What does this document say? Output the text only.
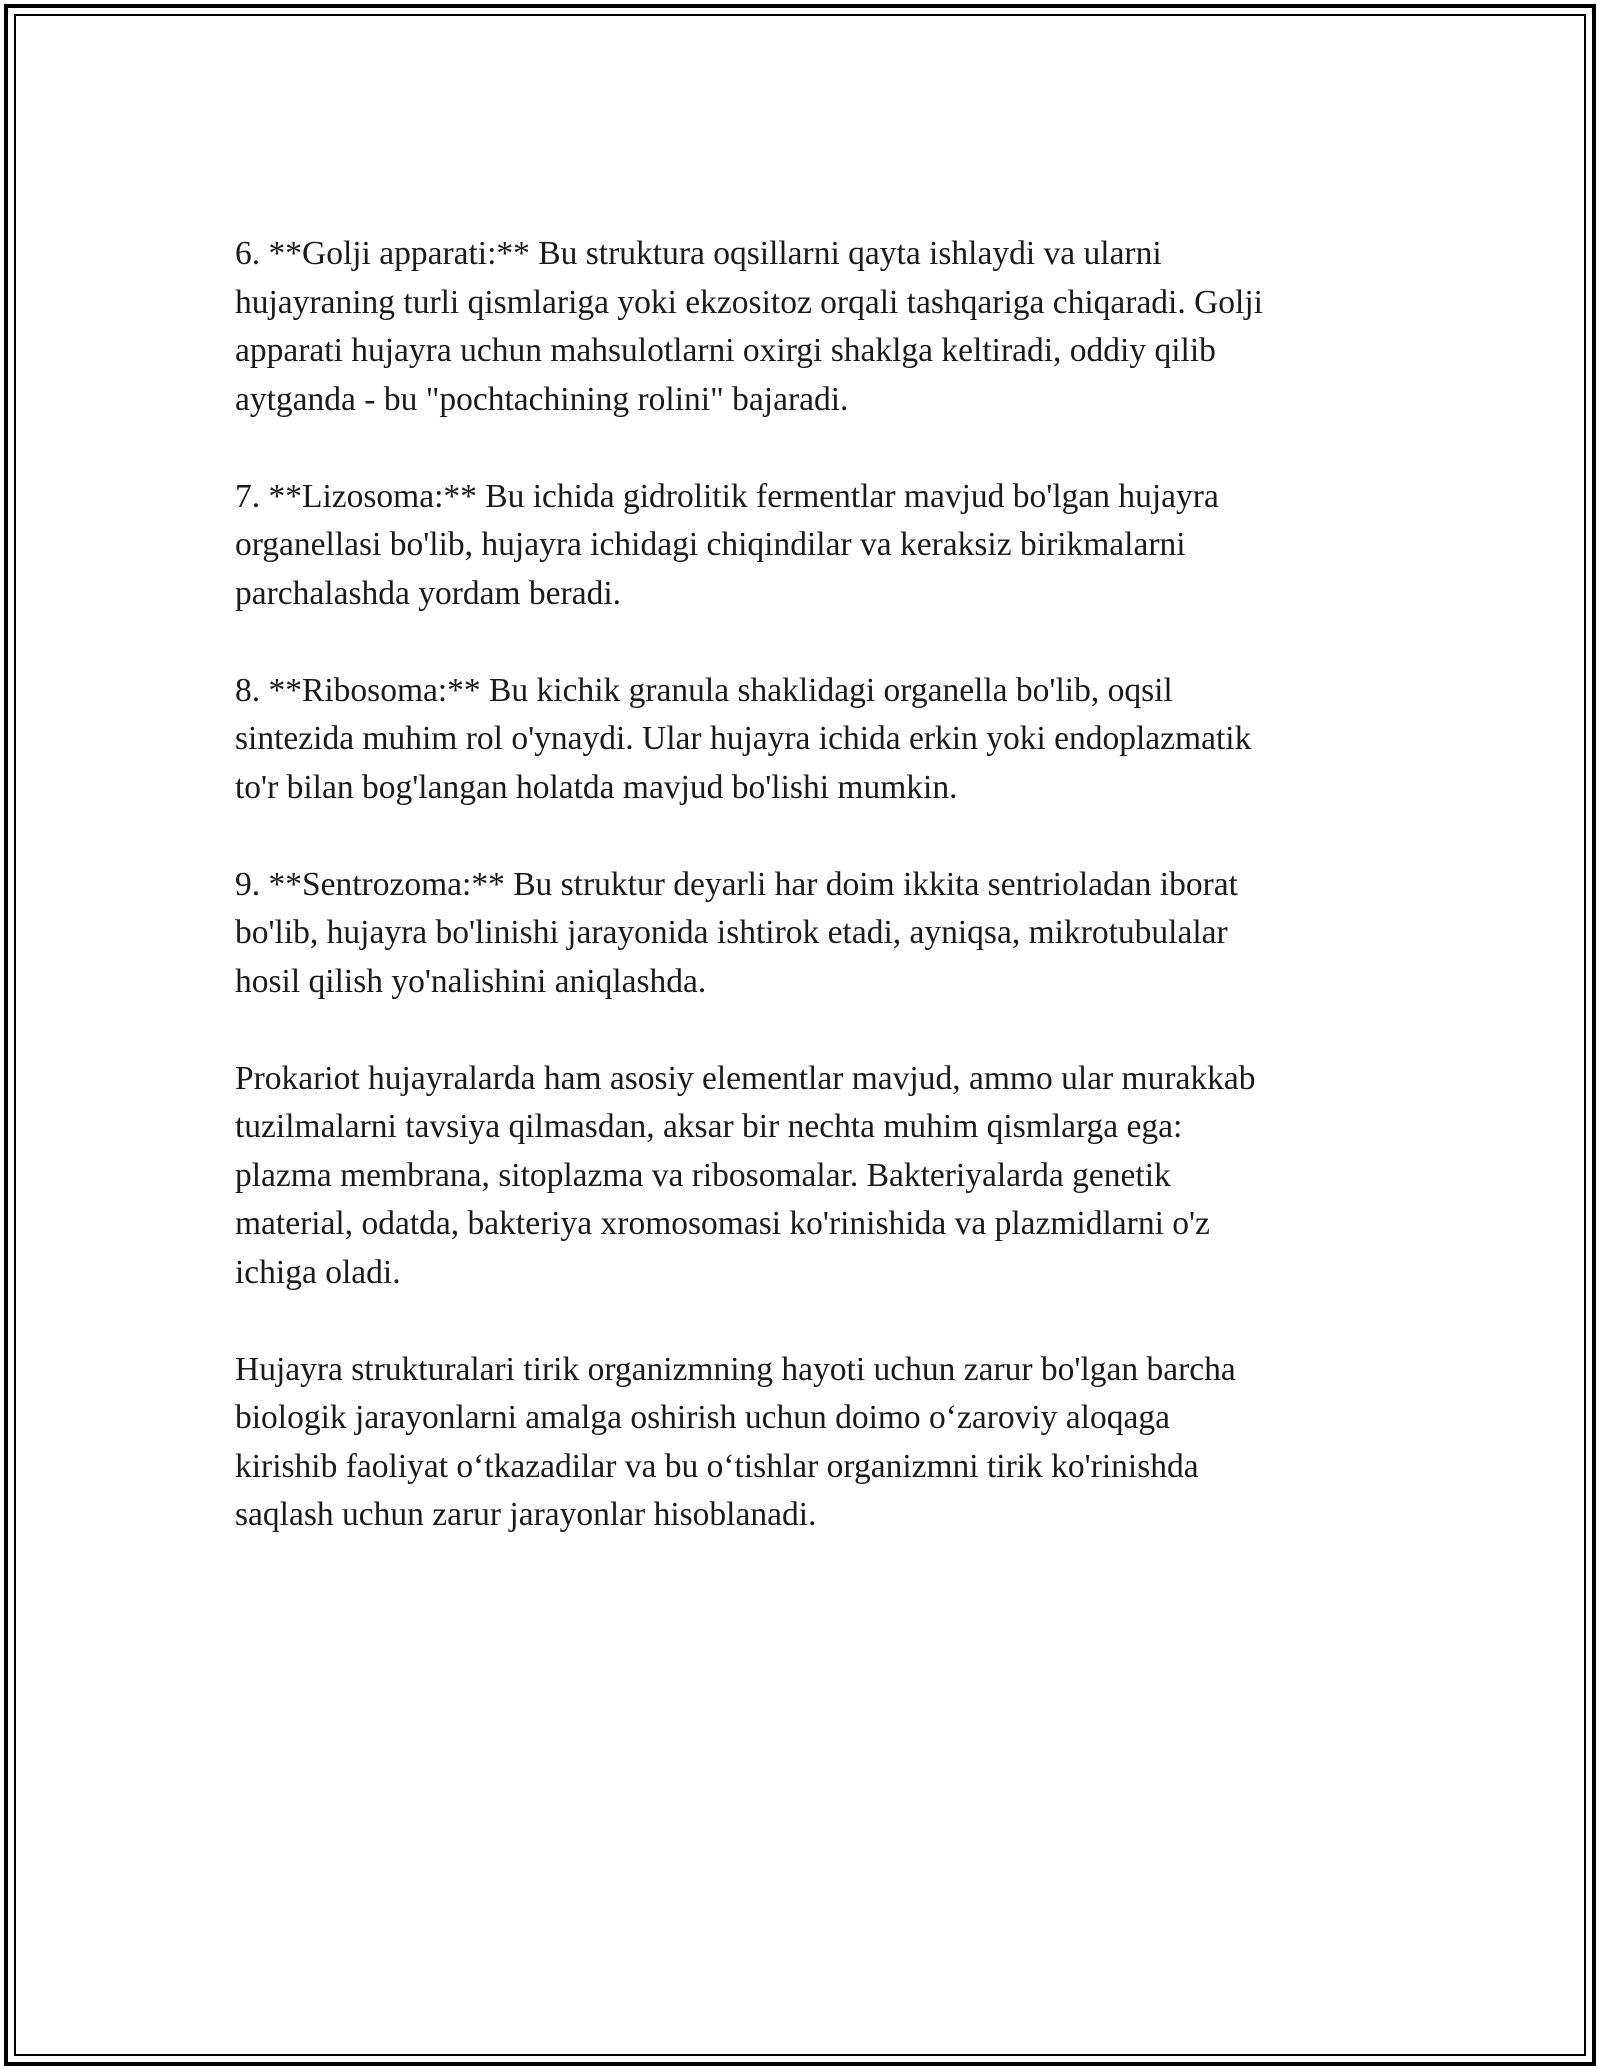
6. **Golji apparati:** Bu struktura oqsillarni qayta ishlaydi va ularni
hujayraning turli qismlariga yoki ekzositoz orqali tashqariga chiqaradi. Golji
apparati hujayra uchun mahsulotlarni oxirgi shaklga keltiradi, oddiy qilib
aytganda - bu "pochtachining rolini" bajaradi.

7. **Lizosoma:** Bu ichida gidrolitik fermentlar mavjud bo'lgan hujayra
organellasi bo'lib, hujayra ichidagi chiqindilar va keraksiz birikmalarni
parchalashda yordam beradi.

8. **Ribosoma:** Bu kichik granula shaklidagi organella bo'lib, oqsil
sintezida muhim rol o'ynaydi. Ular hujayra ichida erkin yoki endoplazmatik
to'r bilan bog'langan holatda mavjud bo'lishi mumkin.

9. **Sentrozoma:** Bu struktur deyarli har doim ikkita sentrioladan iborat
bo'lib, hujayra bo'linishi jarayonida ishtirok etadi, ayniqsa, mikrotubulalar
hosil qilish yo'nalishini aniqlashda.

Prokariot hujayralarda ham asosiy elementlar mavjud, ammo ular murakkab
tuzilmalarni tavsiya qilmasdan, aksar bir nechta muhim qismlarga ega:
plazma membrana, sitoplazma va ribosomalar. Bakteriyalarda genetik
material, odatda, bakteriya xromosomasi ko'rinishida va plazmidlarni o'z
ichiga oladi.

Hujayra strukturalari tirik organizmning hayoti uchun zarur bo'lgan barcha
biologik jarayonlarni amalga oshirish uchun doimo o‘zaroviy aloqaga
kirishib faoliyat o‘tkazadilar va bu o‘tishlar organizmni tirik ko'rinishda
saqlash uchun zarur jarayonlar hisoblanadi.
